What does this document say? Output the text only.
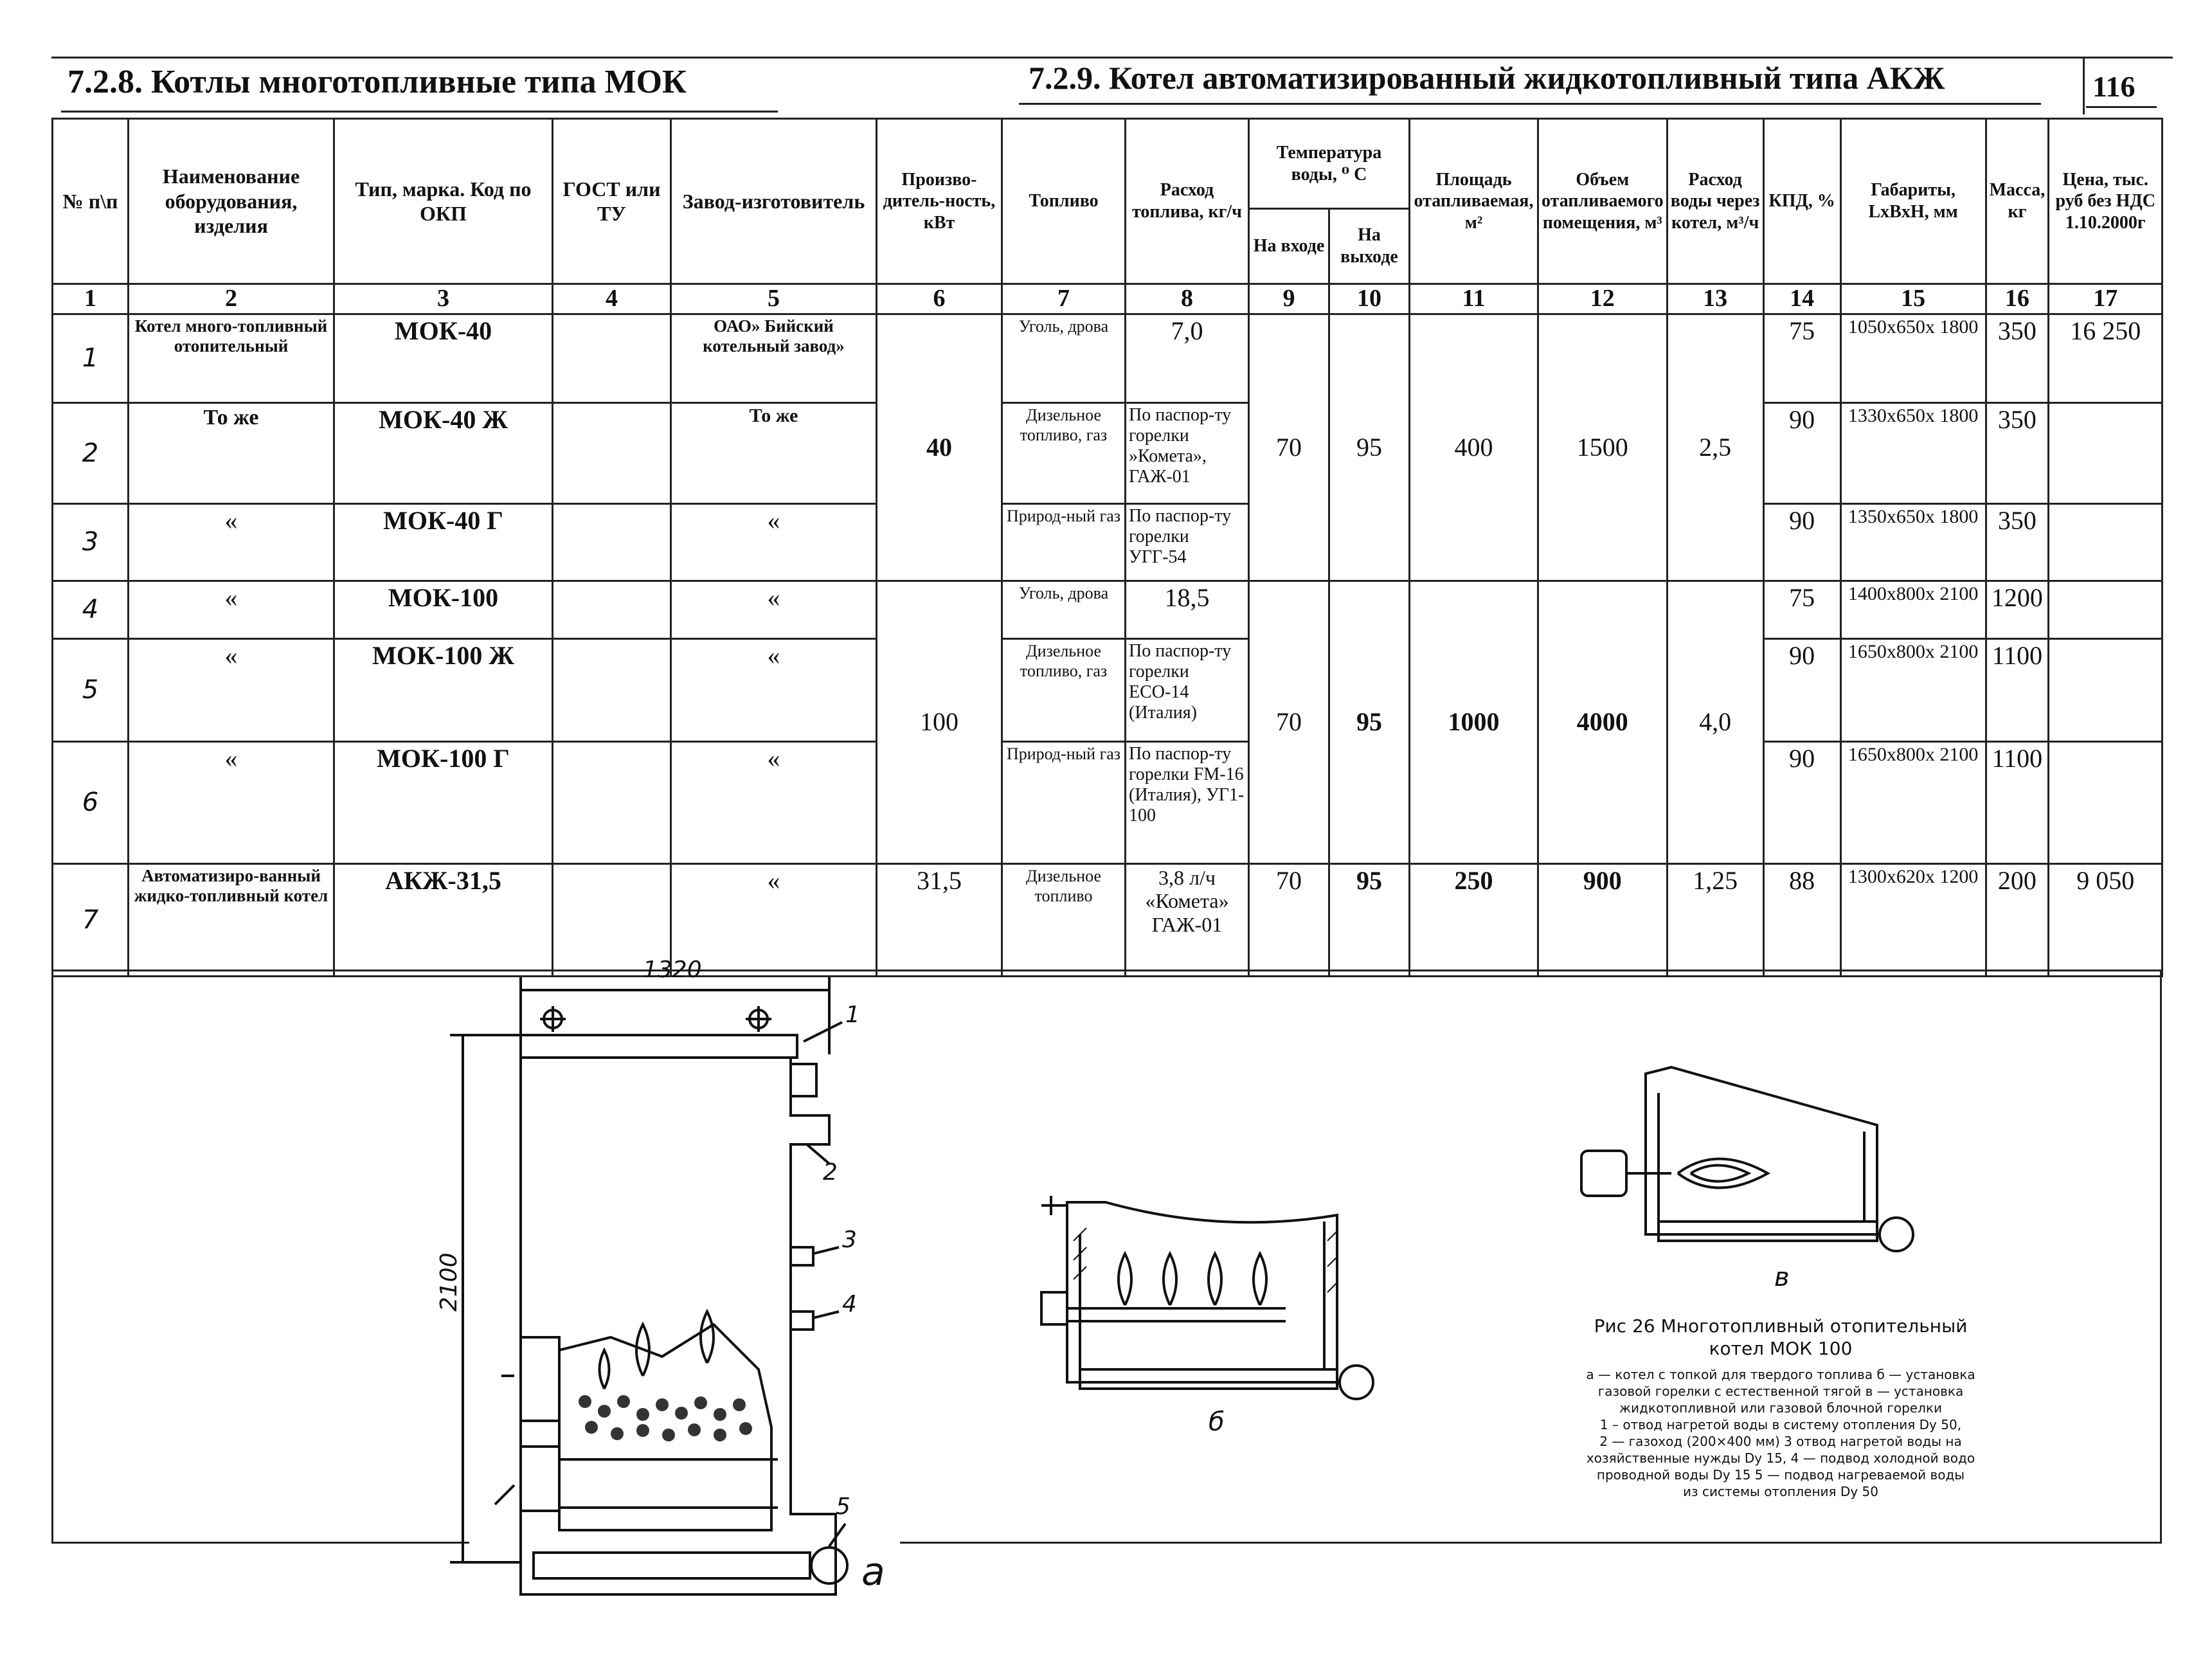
7.2.8. Котлы многотопливные типа МОК	7.2.9. Котел автоматизированный жидкотопливный типа АКЖ	116
№ п\п	Наименование оборудования, изделия	Тип, марка. Код по ОКП	ГОСТ или ТУ	Завод-изготовитель	Произво-дитель-ность, кВт	Топливо	Расход топлива, кг/ч	Температура воды, ⁰ С		Площадь отапливаемая, м²	Объем отапливаемого помещения, м³	Расход воды через котел, м³/ч	КПД, %	Габариты, LxBxH, мм	Масса, кг	Цена, тыс. руб без НДС 1.10.2000г
								На входе	На выходе							
1	2	3	4	5	6	7	8	9	10	11	12	13	14	15	16	17
1	Котел много-топливный отопительный	МОК-40		ОАО» Бийский котельный завод»	40	Уголь, дрова	7,0	70	95	400	1500	2,5	75	1050x650x 1800	350	16 250
2	То же	МОК-40 Ж		То же		Дизельное топливо, газ	По паспор-ту горелки »Комета», ГАЖ-01						90	1330x650x 1800	350	
3	«	МОК-40 Г		«		Природ-ный газ	По паспор-ту горелки УГГ-54						90	1350x650x 1800	350	
4	«	МОК-100		«	100	Уголь, дрова	18,5	70	95	1000	4000	4,0	75	1400x800x 2100	1200	
5	«	МОК-100 Ж		«		Дизельное топливо, газ	По паспор-ту горелки ЕСО-14 (Италия)						90	1650x800x 2100	1100	
6	«	МОК-100 Г		«		Природ-ный газ	По паспор-ту горелки FM-16 (Италия), УГ1-100						90	1650x800x 2100	1100	
7	Автоматизиро-ванный жидко-топливный котел	АКЖ-31,5		«	31,5	Дизельное топливо	3,8 л/ч «Комета» ГАЖ-01	70	95	250	900	1,25	88	1300x620x 1200	200	9 050
1320
2100
1
2
3
4
5
а
б
в
Рис 26 Многотопливный отопительный котел МОК 100
а — котел с топкой для твердого топлива б — установка
газовой горелки с естественной тягой в — установка
жидкотопливной или газовой блочной горелки
1 – отвод нагретой воды в систему отопления Dу 50,
2 — газоход (200×400 мм) 3 отвод нагретой воды на
хозяйственные нужды Dу 15, 4 — подвод холодной водо
проводной воды Dу 15 5 — подвод нагреваемой воды
из системы отопления Dу 50
